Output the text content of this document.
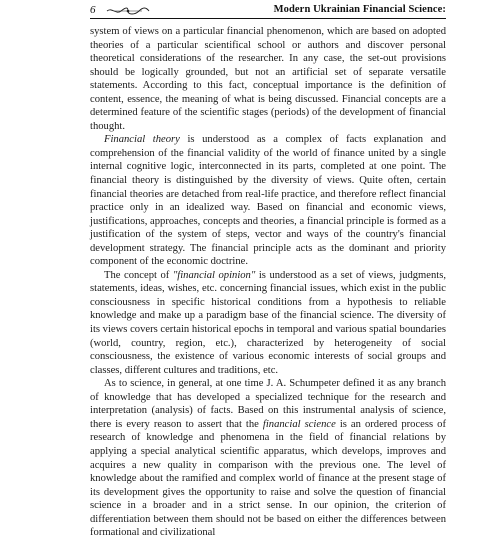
6	Modern Ukrainian Financial Science:

system of views on a particular financial phenomenon, which are based on adopted theories of a particular scientifical school or authors and discover personal theoretical considerations of the researcher. In any case, the set-out provisions should be logically grounded, but not an artificial set of separate versatile statements. According to this fact, conceptual importance is the definition of content, essence, the meaning of what is being discussed. Financial concepts are a determined feature of the scientific stages (periods) of the development of financial thought.

Financial theory is understood as a complex of facts explanation and comprehension of the financial validity of the world of finance united by a single internal cognitive logic, interconnected in its parts, completed at one point. The financial theory is distinguished by the diversity of views. Quite often, certain financial theories are detached from real-life practice, and therefore reflect financial practice only in an idealized way. Based on financial and economic views, justifications, approaches, concepts and theories, a financial principle is formed as a justification of the system of steps, vector and ways of the country's financial development strategy. The financial principle acts as the dominant and priority component of the economic doctrine.

The concept of "financial opinion" is understood as a set of views, judgments, statements, ideas, wishes, etc. concerning financial issues, which exist in the public consciousness in specific historical conditions from a hypothesis to reliable knowledge and make up a paradigm base of the financial science. The diversity of its views covers certain historical epochs in temporal and various spatial boundaries (world, country, region, etc.), characterized by heterogeneity of social consciousness, the existence of various economic interests of social groups and classes, different cultures and traditions, etc.

As to science, in general, at one time J. A. Schumpeter defined it as any branch of knowledge that has developed a specialized technique for the research and interpretation (analysis) of facts. Based on this instrumental analysis of science, there is every reason to assert that the financial science is an ordered process of research of knowledge and phenomena in the field of financial relations by applying a special analytical scientific apparatus, which develops, improves and acquires a new quality in comparison with the previous one. The level of knowledge about the ramified and complex world of finance at the present stage of its development gives the opportunity to raise and solve the question of financial science in a broader and in a strict sense. In our opinion, the criterion of differentiation between them should not be based on either the differences between formational and civilizational
